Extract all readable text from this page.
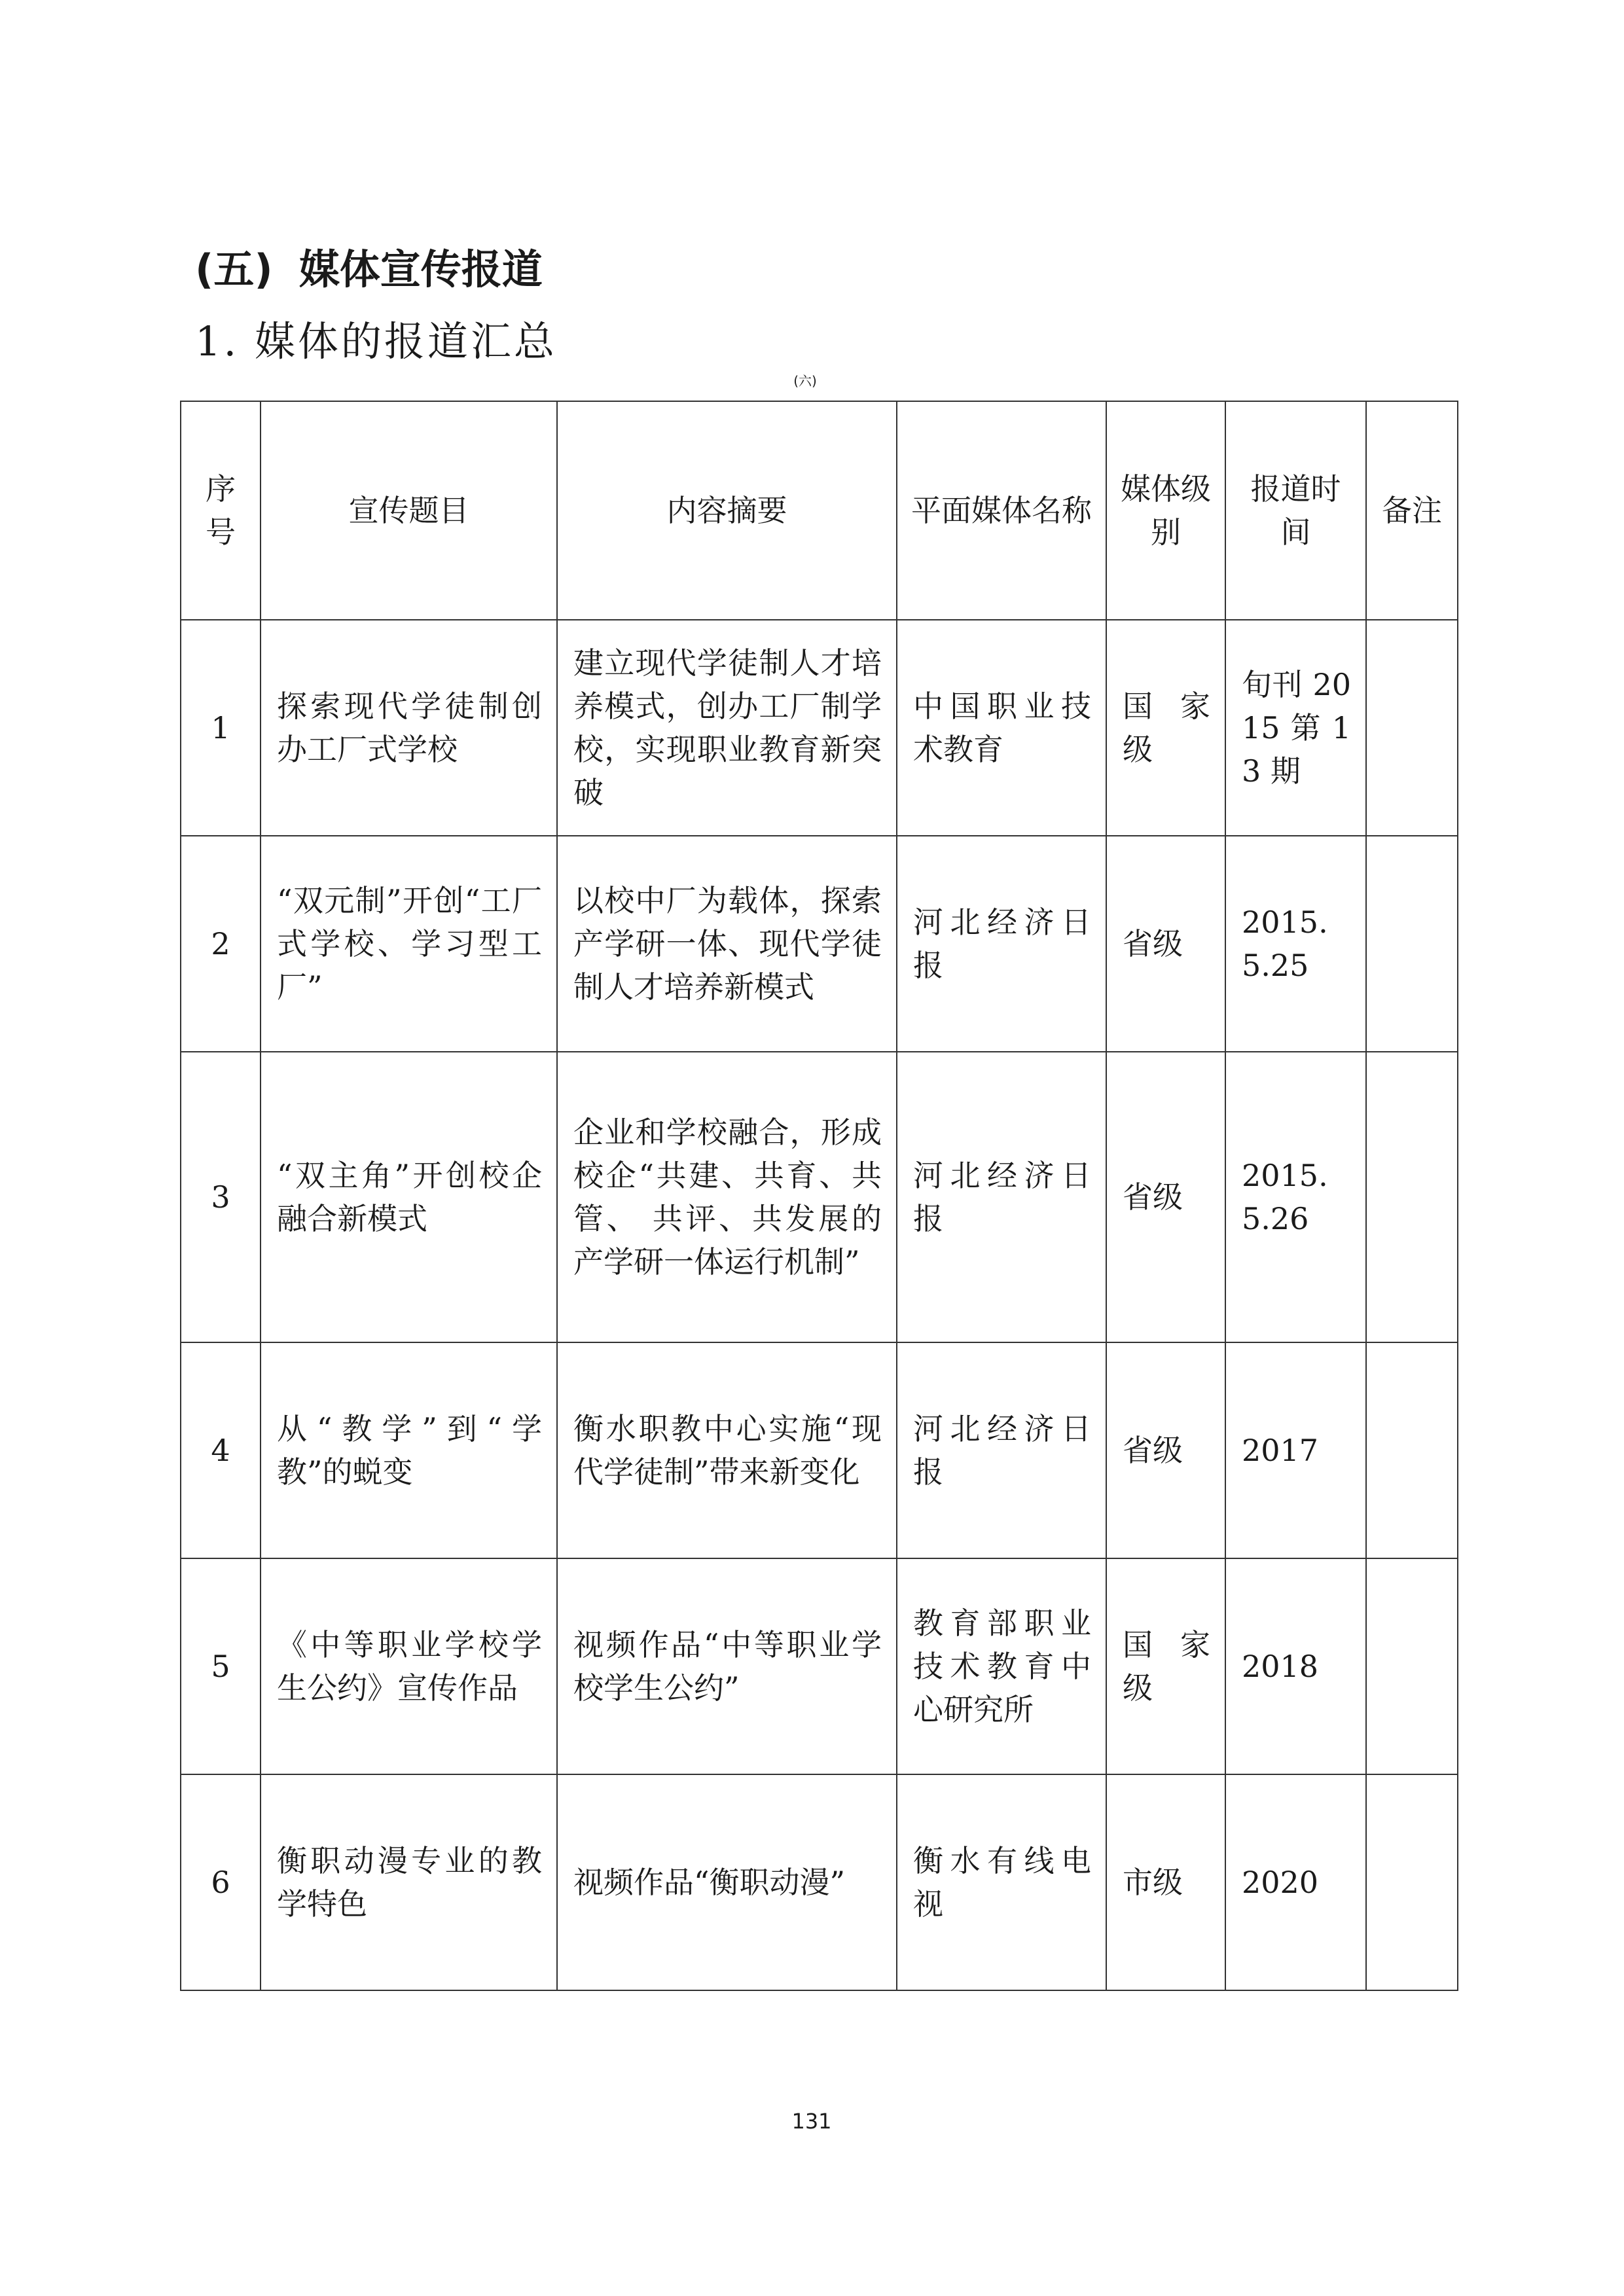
(五) 媒体宣传报道
1. 媒体的报道汇总
(六)
序号	宣传题目	内容摘要	平面媒体名称	媒体级别	报道时间	备注
1	探索现代学徒制创办工厂式学校	建立现代学徒制人才培养模式，创办工厂制学校，实现职业教育新突破	中国职业技术教育	国家级	旬刊 2015 第 13 期	
2	“双元制”开创“工厂式学校、学习型工厂”	以校中厂为载体，探索产学研一体、现代学徒制人才培养新模式	河北经济日报	省级	2015.5.25	
3	“双主角”开创校企融合新模式	企业和学校融合，形成校企“共建、共育、共管、 共评、共发展的产学研一体运行机制”	河北经济日报	省级	2015.5.26	
4	从“教学”到“学教”的蜕变	衡水职教中心实施“现代学徒制”带来新变化	河北经济日报	省级	2017	
5	《中等职业学校学生公约》宣传作品	视频作品“中等职业学校学生公约”	教育部职业技术教育中心研究所	国家级	2018	
6	衡职动漫专业的教学特色	视频作品“衡职动漫”	衡水有线电视	市级	2020	
131
